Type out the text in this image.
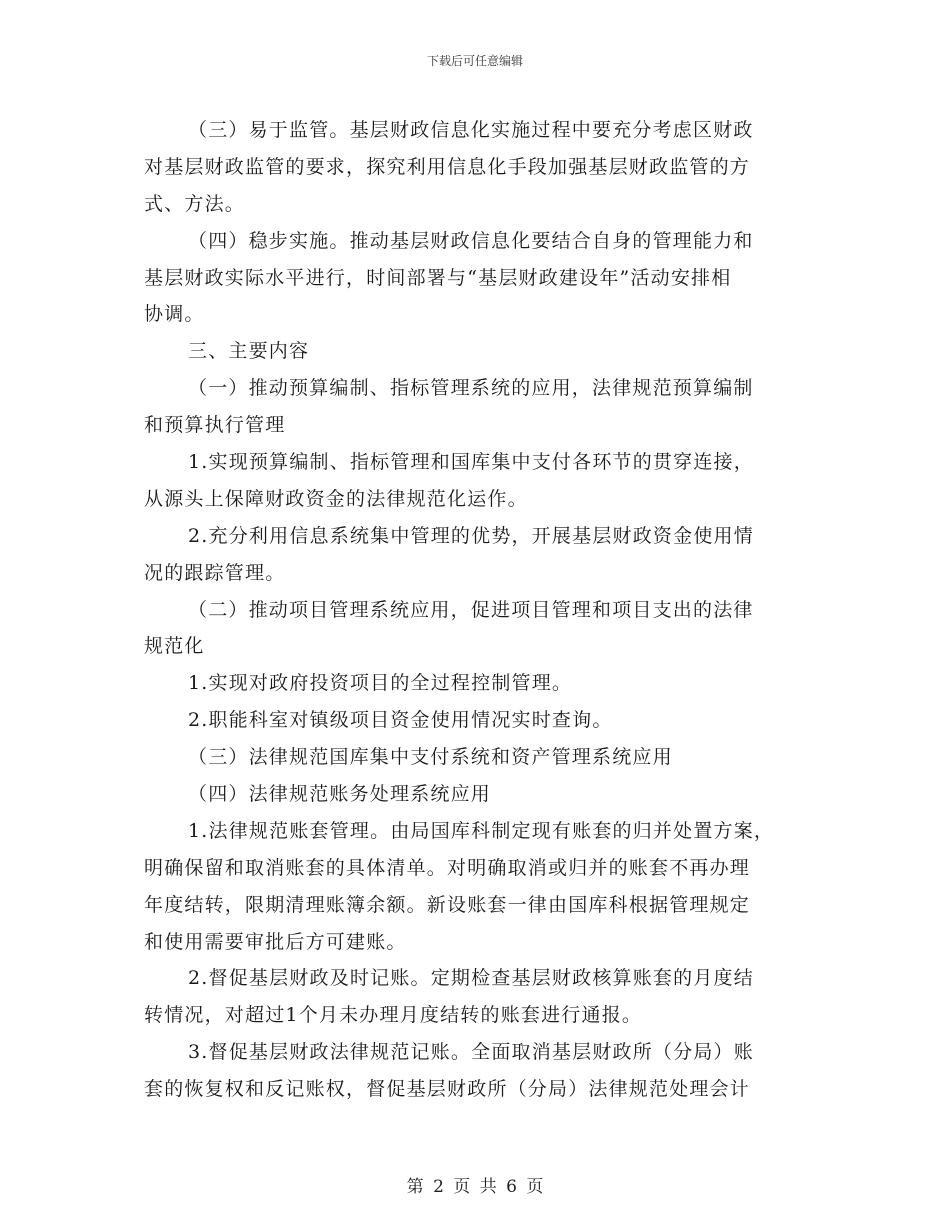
下载后可任意编辑
（三）易于监管。基层财政信息化实施过程中要充分考虑区财政
对基层财政监管的要求，探究利用信息化手段加强基层财政监管的方
式、方法。
（四）稳步实施。推动基层财政信息化要结合自身的管理能力和
基层财政实际水平进行，时间部署与“基层财政建设年”活动安排相
协调。
三、主要内容
（一）推动预算编制、指标管理系统的应用，法律规范预算编制
和预算执行管理
1.实现预算编制、指标管理和国库集中支付各环节的贯穿连接，
从源头上保障财政资金的法律规范化运作。
2.充分利用信息系统集中管理的优势，开展基层财政资金使用情
况的跟踪管理。
（二）推动项目管理系统应用，促进项目管理和项目支出的法律
规范化
1.实现对政府投资项目的全过程控制管理。
2.职能科室对镇级项目资金使用情况实时查询。
（三）法律规范国库集中支付系统和资产管理系统应用
（四）法律规范账务处理系统应用
1.法律规范账套管理。由局国库科制定现有账套的归并处置方案，
明确保留和取消账套的具体清单。对明确取消或归并的账套不再办理
年度结转，限期清理账簿余额。新设账套一律由国库科根据管理规定
和使用需要审批后方可建账。
2.督促基层财政及时记账。定期检查基层财政核算账套的月度结
转情况，对超过1个月未办理月度结转的账套进行通报。
3.督促基层财政法律规范记账。全面取消基层财政所（分局）账
套的恢复权和反记账权，督促基层财政所（分局）法律规范处理会计
第 2 页 共 6 页
